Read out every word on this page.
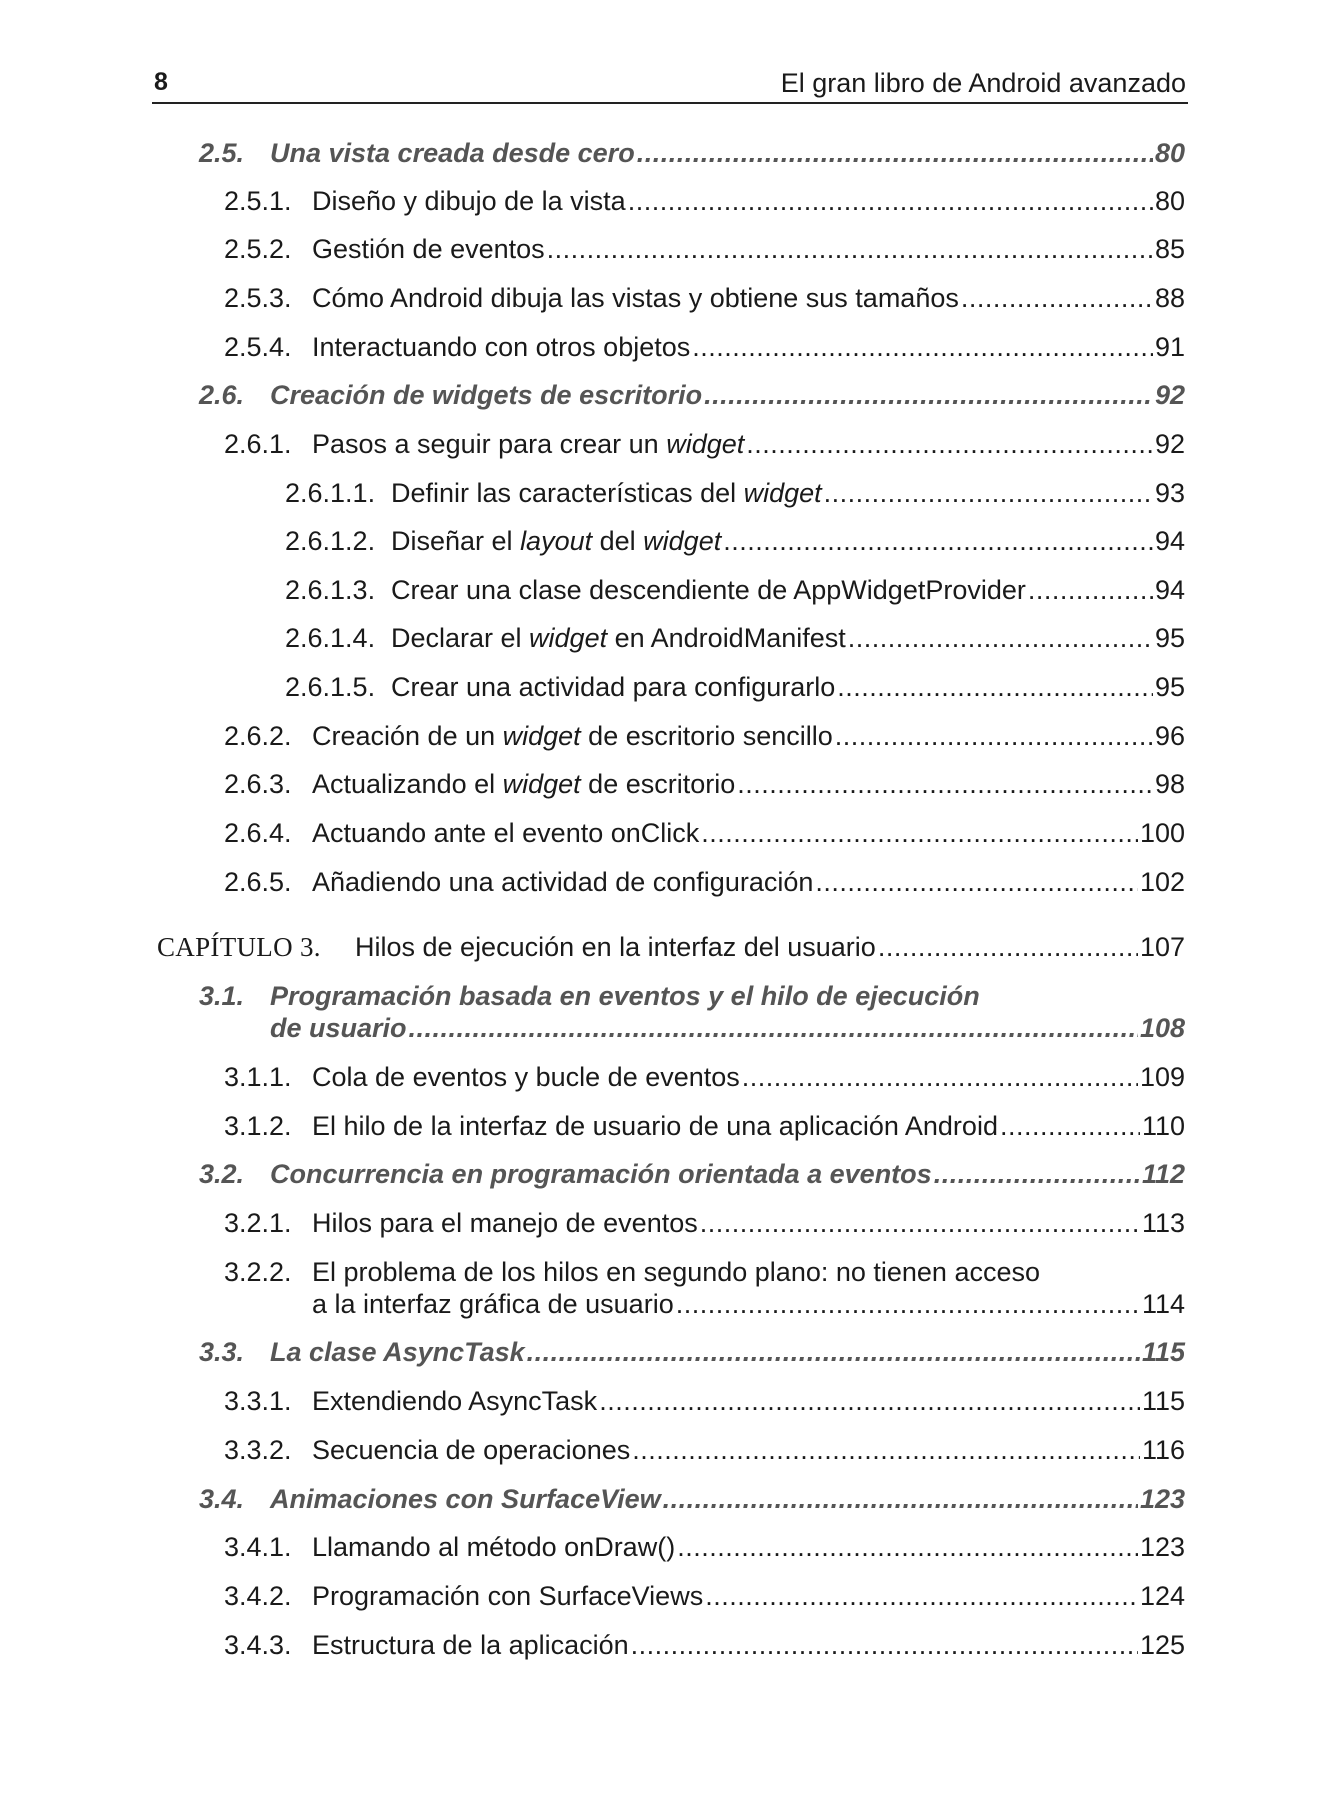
8	El gran libro de Android avanzado
2.5. Una vista creada desde cero .....	80
2.5.1. Diseño y dibujo de la vista .....	80
2.5.2. Gestión de eventos .....	85
2.5.3. Cómo Android dibuja las vistas y obtiene sus tamaños .....	88
2.5.4. Interactuando con otros objetos .....	91
2.6. Creación de widgets de escritorio .....	92
2.6.1. Pasos a seguir para crear un widget .....	92
2.6.1.1. Definir las características del widget .....	93
2.6.1.2. Diseñar el layout del widget .....	94
2.6.1.3. Crear una clase descendiente de AppWidgetProvider .....	94
2.6.1.4. Declarar el widget en AndroidManifest .....	95
2.6.1.5. Crear una actividad para configurarlo .....	95
2.6.2. Creación de un widget de escritorio sencillo .....	96
2.6.3. Actualizando el widget de escritorio .....	98
2.6.4. Actuando ante el evento onClick .....	100
2.6.5. Añadiendo una actividad de configuración .....	102
CAPÍTULO 3.	Hilos de ejecución en la interfaz del usuario .....	107
3.1. Programación basada en eventos y el hilo de ejecución
de usuario .....	108
3.1.1. Cola de eventos y bucle de eventos .....	109
3.1.2. El hilo de la interfaz de usuario de una aplicación Android .....	110
3.2. Concurrencia en programación orientada a eventos .....	112
3.2.1. Hilos para el manejo de eventos .....	113
3.2.2. El problema de los hilos en segundo plano: no tienen acceso
a la interfaz gráfica de usuario .....	114
3.3. La clase AsyncTask .....	115
3.3.1. Extendiendo AsyncTask .....	115
3.3.2. Secuencia de operaciones .....	116
3.4. Animaciones con SurfaceView .....	123
3.4.1. Llamando al método onDraw() .....	123
3.4.2. Programación con SurfaceViews .....	124
3.4.3. Estructura de la aplicación .....	125
